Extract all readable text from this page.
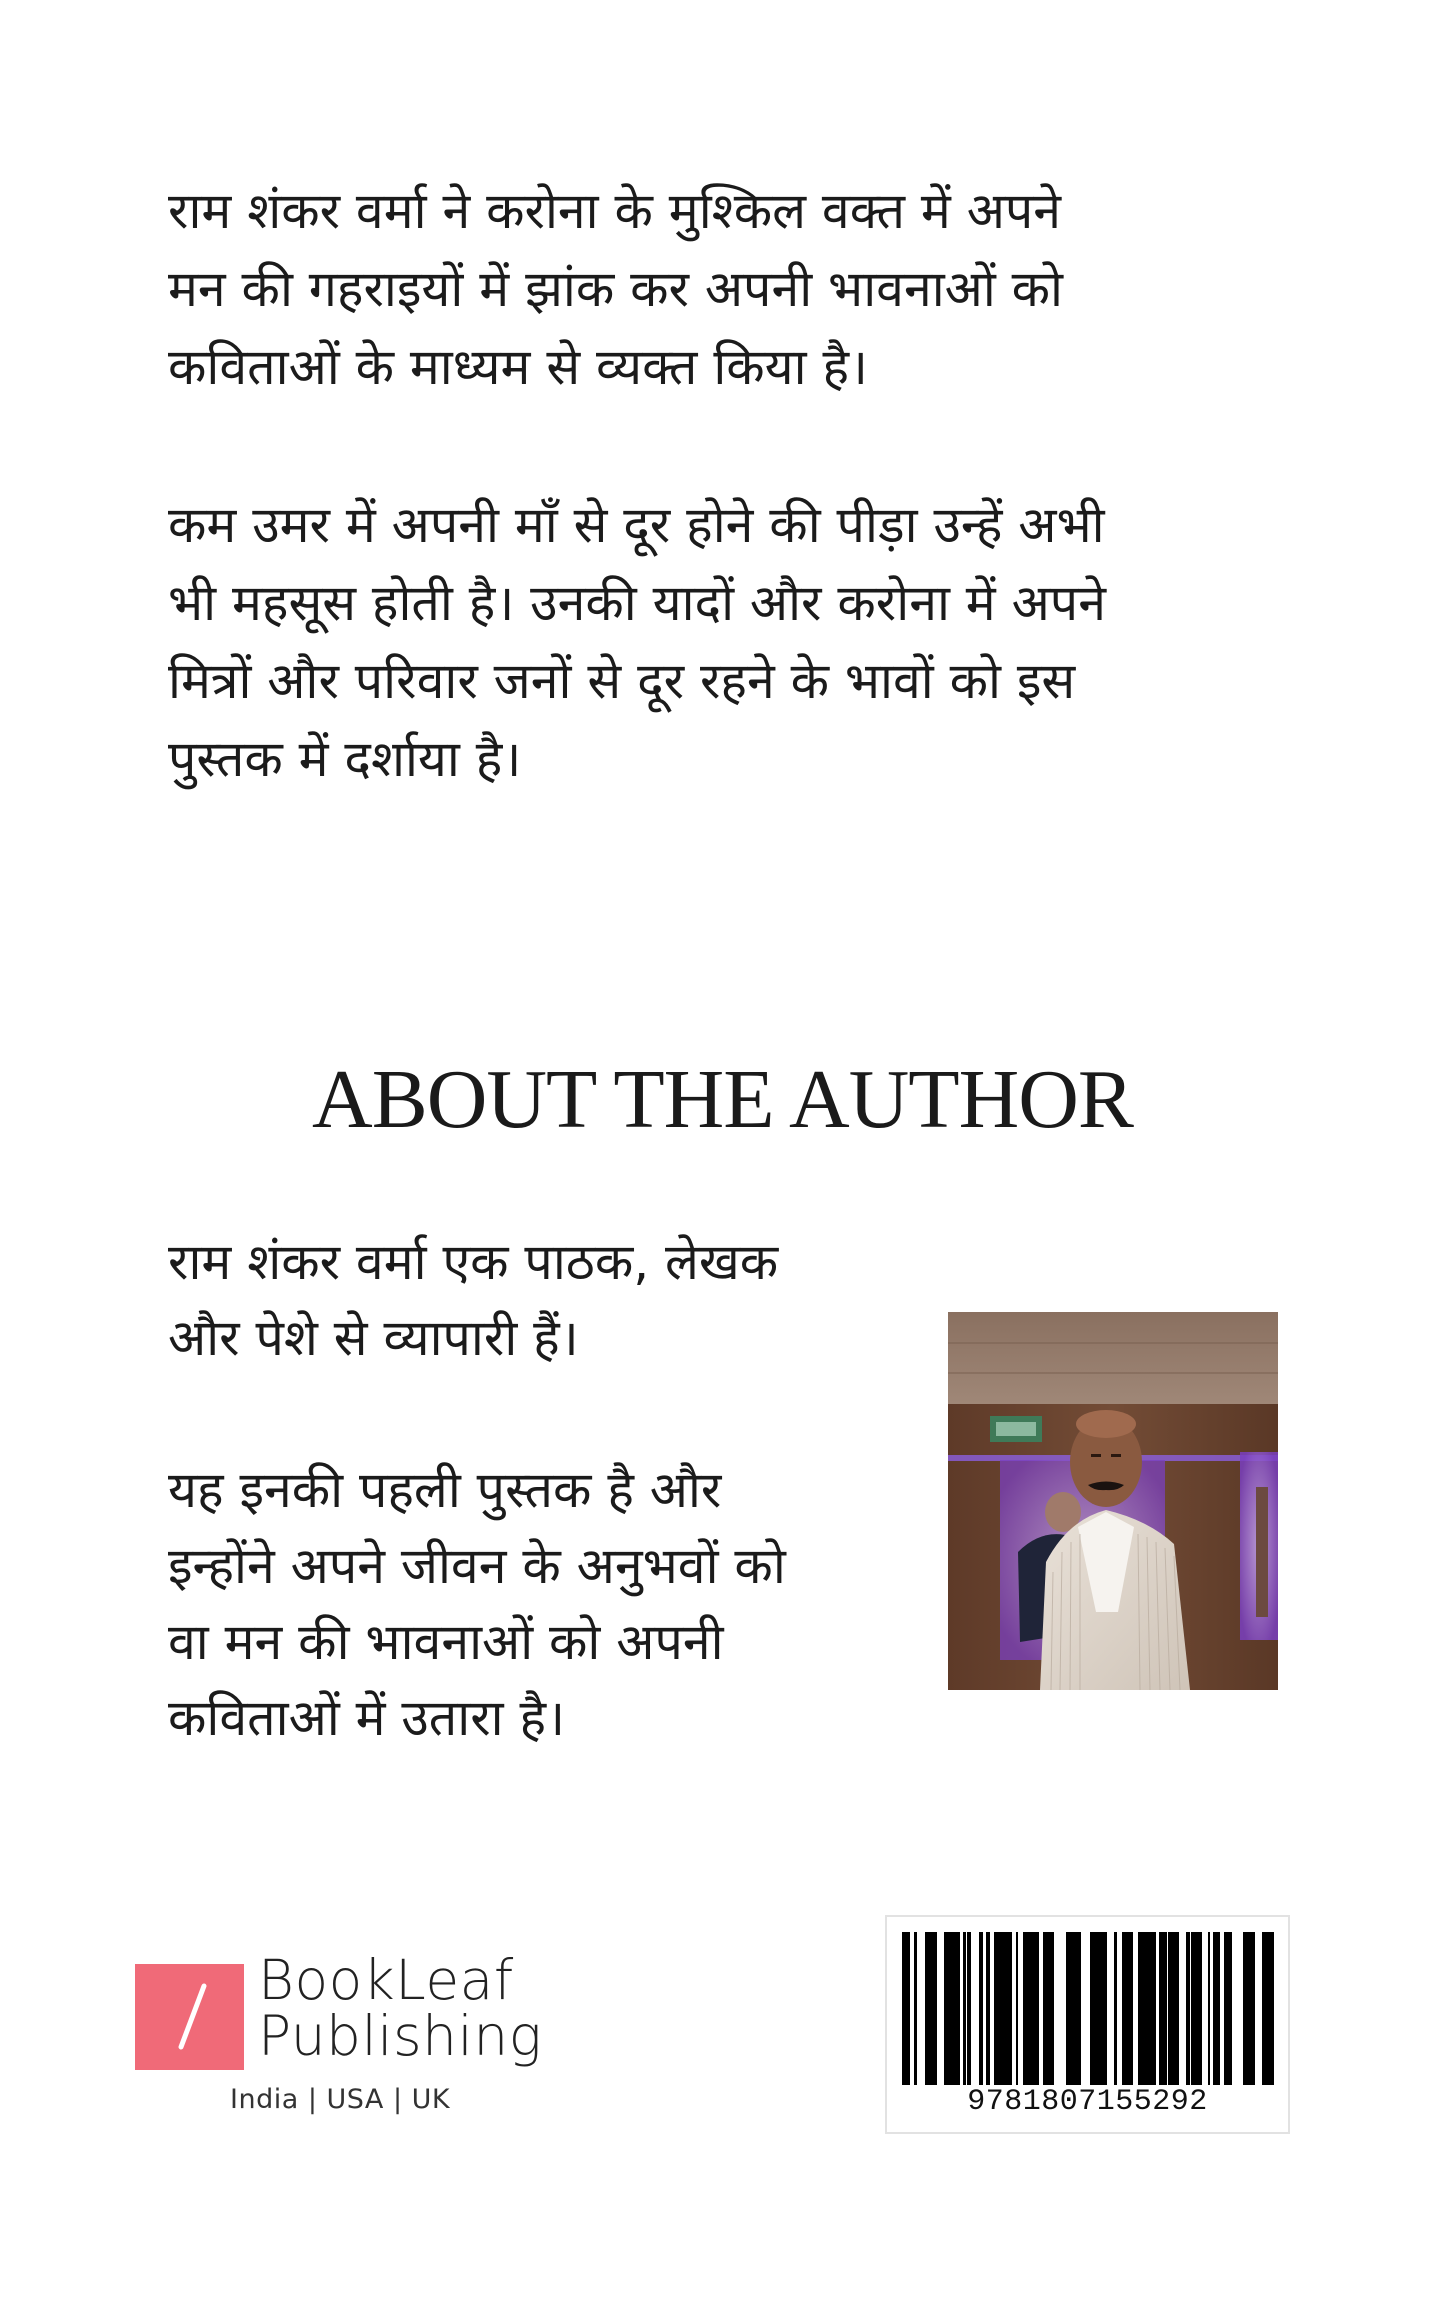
राम शंकर वर्मा ने करोना के मुश्किल वक्त में अपने
मन की गहराइयों में झांक कर अपनी भावनाओं को
कविताओं के माध्यम से व्यक्त किया है।

कम उमर में अपनी माँ से दूर होने की पीड़ा उन्हें अभी
भी महसूस होती है। उनकी यादों और करोना में अपने
मित्रों और परिवार जनों से दूर रहने के भावों को इस
पुस्तक में दर्शाया है।

ABOUT THE AUTHOR

राम शंकर वर्मा एक पाठक, लेखक
और पेशे से व्यापारी हैं।

यह इनकी पहली पुस्तक है और
इन्होंने अपने जीवन के अनुभवों को
वा मन की भावनाओं को अपनी
कविताओं में उतारा है।

BookLeaf

Publishing

India | USA | UK	9781807155292
